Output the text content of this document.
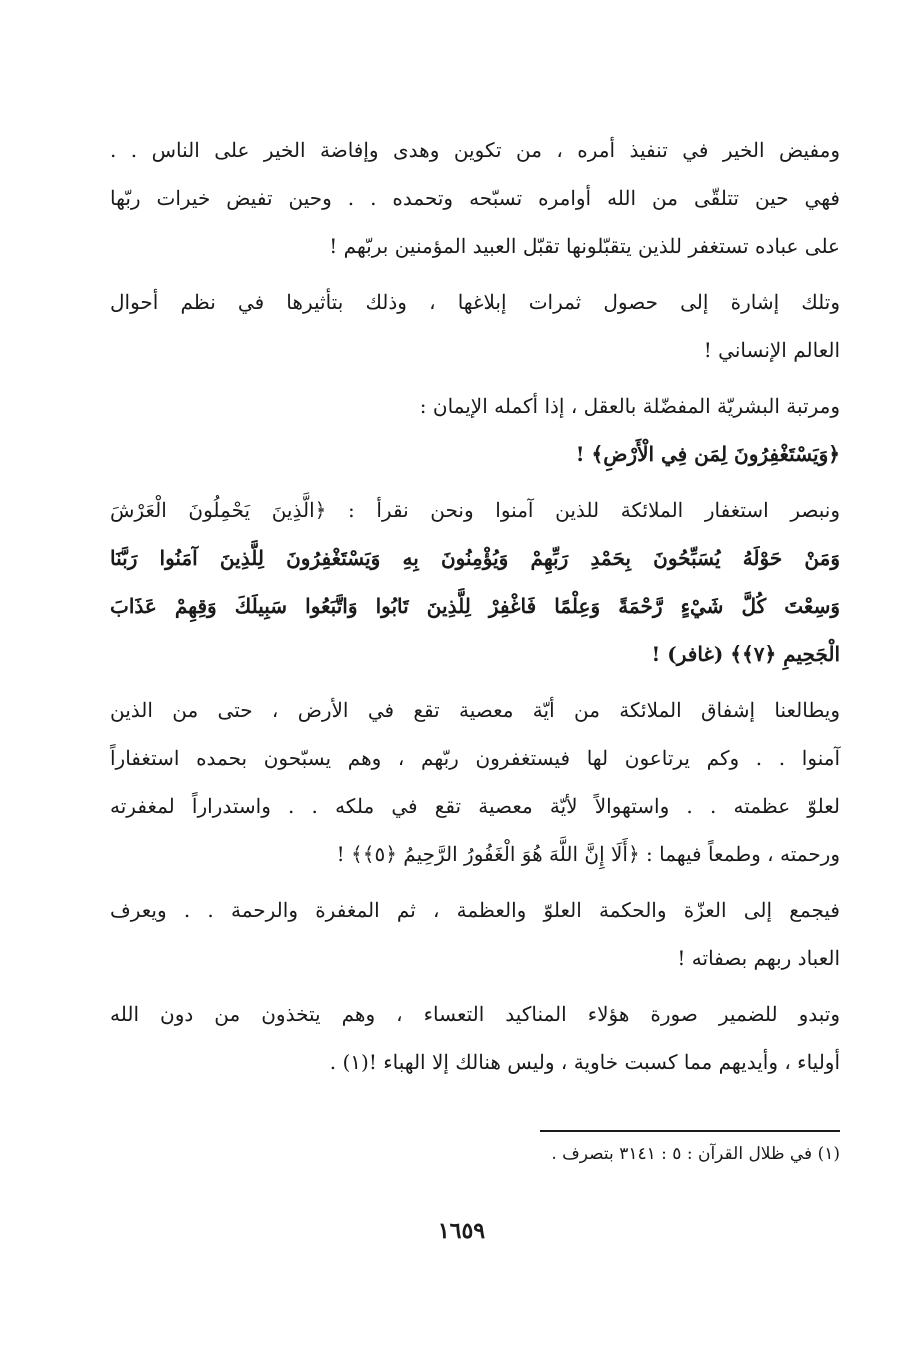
ومفيض الخير في تنفيذ أمره ، من تكوين وهدى وإفاضة الخير على الناس . .
فهي حين تتلقّى من الله أوامره تسبّحه وتحمده . . وحين تفيض خيرات ربّها
على عباده تستغفر للذين يتقبّلونها تقبّل العبيد المؤمنين بربّهم !
وتلك إشارة إلى حصول ثمرات إبلاغها ، وذلك بتأثيرها في نظم أحوال
العالم الإنساني !
ومرتبة البشريّة المفضّلة بالعقل ، إذا أكمله الإيمان :
﴿وَيَسْتَغْفِرُونَ لِمَن فِي الْأَرْضِ﴾ !
ونبصر استغفار الملائكة للذين آمنوا ونحن نقرأ : ﴿الَّذِينَ يَحْمِلُونَ الْعَرْشَ
وَمَنْ حَوْلَهُ يُسَبِّحُونَ بِحَمْدِ رَبِّهِمْ وَيُؤْمِنُونَ بِهِ وَيَسْتَغْفِرُونَ لِلَّذِينَ آمَنُوا رَبَّنَا
وَسِعْتَ كُلَّ شَيْءٍ رَّحْمَةً وَعِلْمًا فَاغْفِرْ لِلَّذِينَ تَابُوا وَاتَّبَعُوا سَبِيلَكَ وَقِهِمْ عَذَابَ
الْجَحِيمِ ﴿٧﴾﴾ (غافر) !
ويطالعنا إشفاق الملائكة من أيّة معصية تقع في الأرض ، حتى من الذين
آمنوا . . وكم يرتاعون لها فيستغفرون ربّهم ، وهم يسبّحون بحمده استغفاراً
لعلوّ عظمته . . واستهوالاً لأيّة معصية تقع في ملكه . . واستدراراً لمغفرته
ورحمته ، وطمعاً فيهما : ﴿أَلَا إِنَّ اللَّهَ هُوَ الْغَفُورُ الرَّحِيمُ ﴿٥﴾﴾ !
فيجمع إلى العزّة والحكمة العلوّ والعظمة ، ثم المغفرة والرحمة . . ويعرف
العباد ربهم بصفاته !
وتبدو للضمير صورة هؤلاء المناكيد التعساء ، وهم يتخذون من دون الله
أولياء ، وأيديهم مما كسبت خاوية ، وليس هنالك إلا الهباء !(١) .
(١) في ظلال القرآن : ٥ : ٣١٤١ بتصرف .
١٦٥٩
